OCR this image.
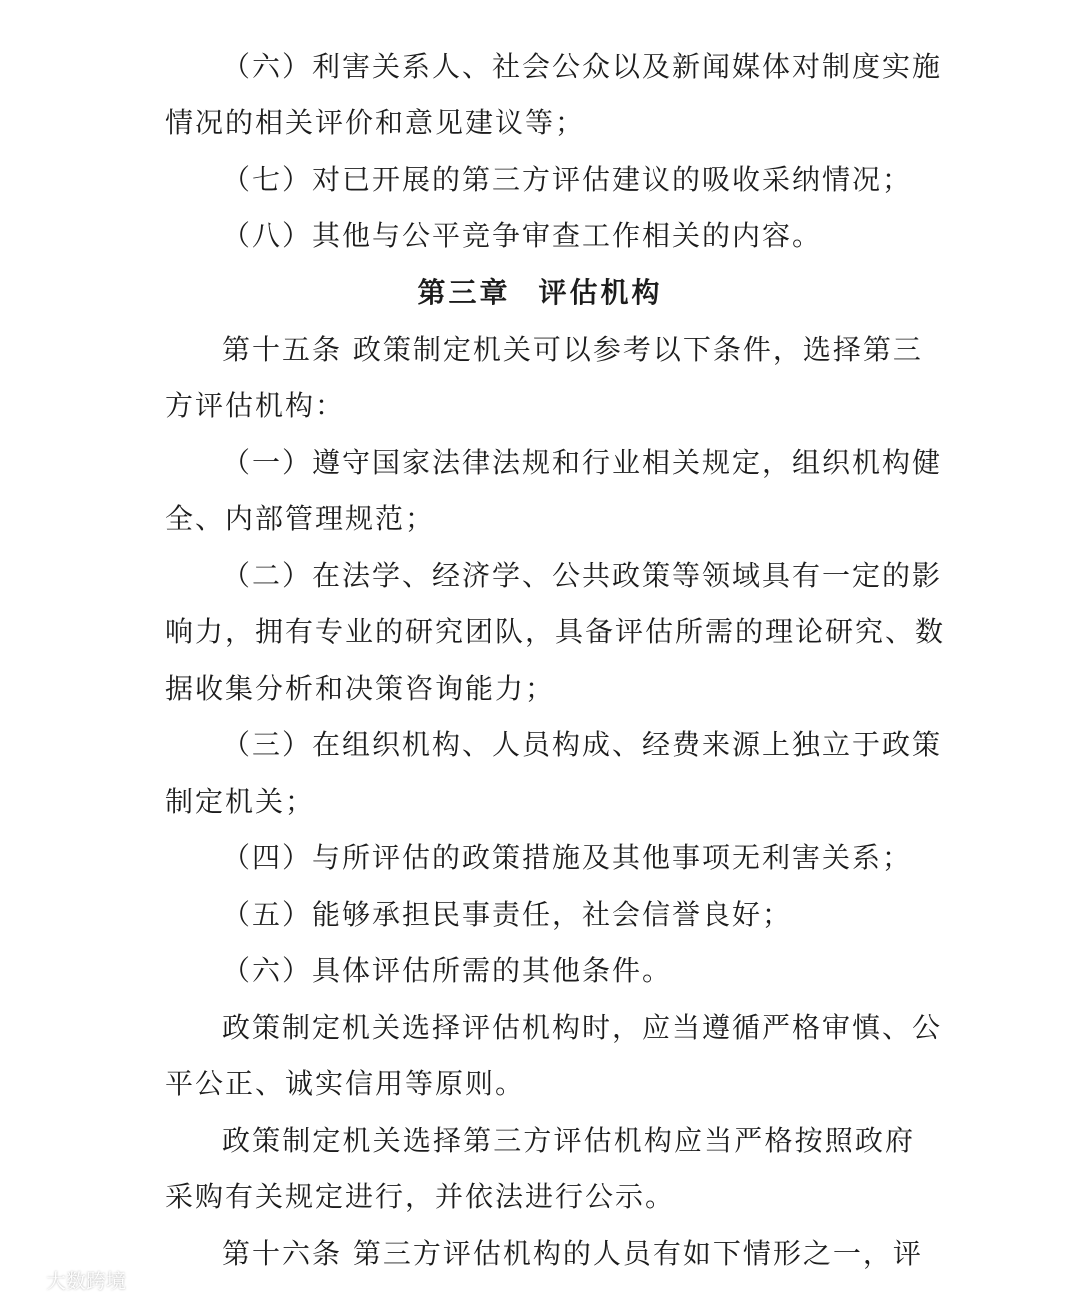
（六）利害关系人、社会公众以及新闻媒体对制度实施
情况的相关评价和意见建议等；
（七）对已开展的第三方评估建议的吸收采纳情况；
（八）其他与公平竞争审查工作相关的内容。
第三章 评估机构
第十五条 政策制定机关可以参考以下条件，选择第三
方评估机构：
（一）遵守国家法律法规和行业相关规定，组织机构健
全、内部管理规范；
（二）在法学、经济学、公共政策等领域具有一定的影
响力，拥有专业的研究团队，具备评估所需的理论研究、数
据收集分析和决策咨询能力；
（三）在组织机构、人员构成、经费来源上独立于政策
制定机关；
（四）与所评估的政策措施及其他事项无利害关系；
（五）能够承担民事责任，社会信誉良好；
（六）具体评估所需的其他条件。
政策制定机关选择评估机构时，应当遵循严格审慎、公
平公正、诚实信用等原则。
政策制定机关选择第三方评估机构应当严格按照政府
采购有关规定进行，并依法进行公示。
第十六条 第三方评估机构的人员有如下情形之一，评
大数跨境
